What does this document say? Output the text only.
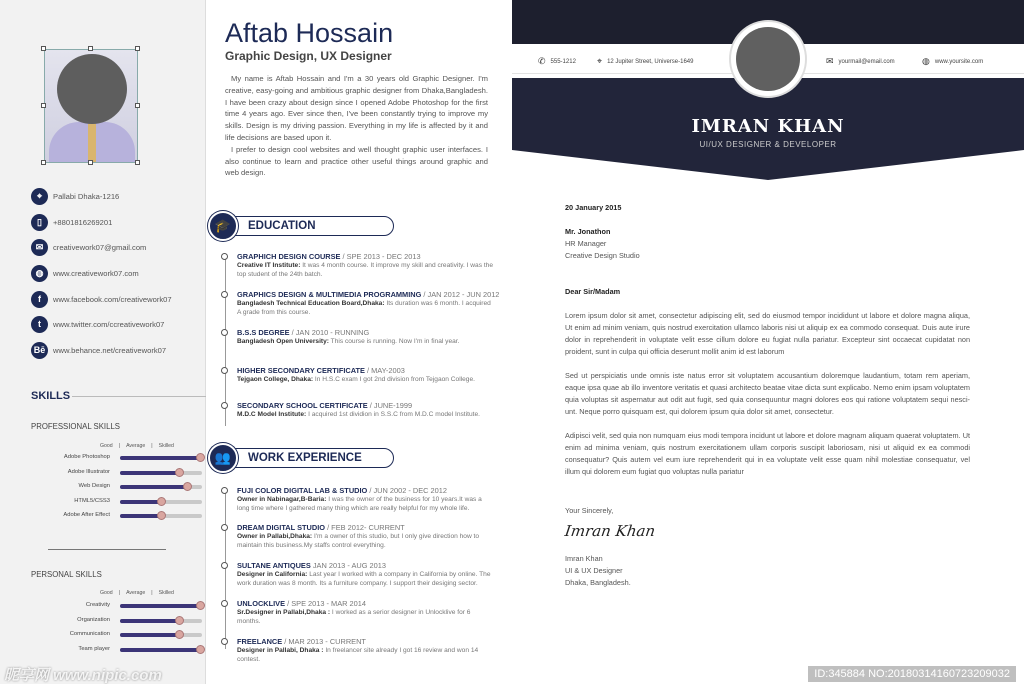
⌖	Pallabi Dhaka-1216
▯	+8801816269201
✉	creativework07@gmail.com
◍	www.creativework07.com
f	www.facebook.com/creativework07
t	www.twitter.com/ccreativework07
Bē	www.behance.net/creativework07
SKILLS
PROFESSIONAL SKILLS
Good | Average | Skilled
Adobe Photoshop
Adobe Illustrator
Web Design
HTML5/CSS3
Adobe After Effect
PERSONAL SKILLS
Good | Average | Skilled
Creativity
Organization
Communication
Team player
Aftab Hossain
Graphic Design, UX Designer

My name is Aftab Hossain and I'm a 30 years old Graphic Designer. I'm creative, easy-going and ambitious graphic designer from Dhaka,Bangladesh. I have been crazy about design since I opened Adobe Photoshop for the first time 4 years ago. Ever since then, I've been constantly trying to improve my skills. Design is my driving passion. Everything in my life is affected by it and life decisions are based upon it.

I prefer to design cool websites and well thought graphic user interfaces. I also continue to learn and practice other useful things around graphic and web design.

🎓	EDUCATION
GRAPHICH DESIGN COURSE / SPE 2013 - DEC 2013
Creative IT Institute: It was 4 month course. It improve my skill and creativity. I was the top student of the 24th batch.
GRAPHICS DESIGN & MULTIMEDIA PROGRAMMING / JAN 2012 - JUN 2012
Bangladesh Technical Education Board,Dhaka: Its duration was 6 month. I acquired A grade from this course.
B.S.S DEGREE / JAN 2010 - RUNNING
Bangladesh Open University: This course is running. Now I'm in final year.
HIGHER SECONDARY CERTIFICATE / MAY-2003
Tejgaon College, Dhaka: In H.S.C exam I got 2nd division from Tejgaon College.
SECONDARY SCHOOL CERTIFICATE / JUNE-1999
M.D.C Model Institute: I acquired 1st dividion in S.S.C from M.D.C model Institute.
👥	WORK EXPERIENCE
FUJI COLOR DIGITAL LAB & STUDIO / JUN 2002 - DEC 2012
Owner in Nabinagar,B-Baria: I was the owner of the business for 10 years.It was a long time where I gathered many thing which are really helpful for my whole life.
DREAM DIGITAL STUDIO / FEB 2012- CURRENT
Owner in Pallabi,Dhaka: I'm a owner of this studio, but I only give direction how to maintain this business.My staffs control everything.
SULTANE ANTIQUES JAN 2013 - AUG 2013
Designer in California: Last year I worked with a company in California by online. The work duration was 8 month. Its a furniture company. I support their desiging sector.
UNLOCKLIVE / SPE 2013 - MAR 2014
Sr.Designer in Pallabi,Dhaka : I worked as a serior designer in Unlocklive for 6 months.
FREELANCE / MAR 2013 - CURRENT
Designer in Pallabi, Dhaka : In freelancer site already I got 16 review and won 14 contest.
✆ 555-1212 ⌖ 12 Jupiter Street, Universe-1649	✉ yourmail@email.com	◍ www.yoursite.com
IMRAN KHAN
UI/UX DESIGNER & DEVELOPER
20 January 2015
Mr. Jonathon
HR Manager
Creative Design Studio
Dear Sir/Madam
Lorem ipsum dolor sit amet, consectetur adipiscing elit, sed do eiusmod tempor incididunt ut labore et dolore magna aliqua, Ut enim ad minim veniam, quis nostrud exercitation ullamco laboris nisi ut aliquip ex ea commodo consequat. Duis aute irure dolor in reprehenderit in voluptate velit esse cillum dolore eu fugiat nulla pariatur. Excepteur sint occaecat cupidatat non proident, sunt in culpa qui officia deserunt mollit anim id est laborum
Sed ut perspiciatis unde omnis iste natus error sit voluptatem accusantium doloremque laudantium, totam rem aperiam, eaque ipsa quae ab illo inventore veritatis et quasi architecto beatae vitae dicta sunt explicabo. Nemo enim ipsam voluptatem quia voluptas sit aspernatur aut odit aut fugit, sed quia consequuntur magni dolores eos qui ratione voluptatem sequi nesci-unt. Neque porro quisquam est, qui dolorem ipsum quia dolor sit amet, consectetur.
Adipisci velit, sed quia non numquam eius modi tempora incidunt ut labore et dolore magnam aliquam quaerat voluptatem. Ut enim ad minima veniam, quis nostrum exercitationem ullam corporis suscipit laboriosam, nisi ut aliquid ex ea commodi consequatur? Quis autem vel eum iure reprehenderit qui in ea voluptate velit esse quam nihil molestiae consequatur, vel illum qui dolorem eum fugiat quo voluptas nulla pariatur
Your Sincerely,
Imran Khan
Imran Khan
UI & UX Designer
Dhaka, Bangladesh.
昵享网 www.nipic.com	ID:345884 NO:20180314160723209032
